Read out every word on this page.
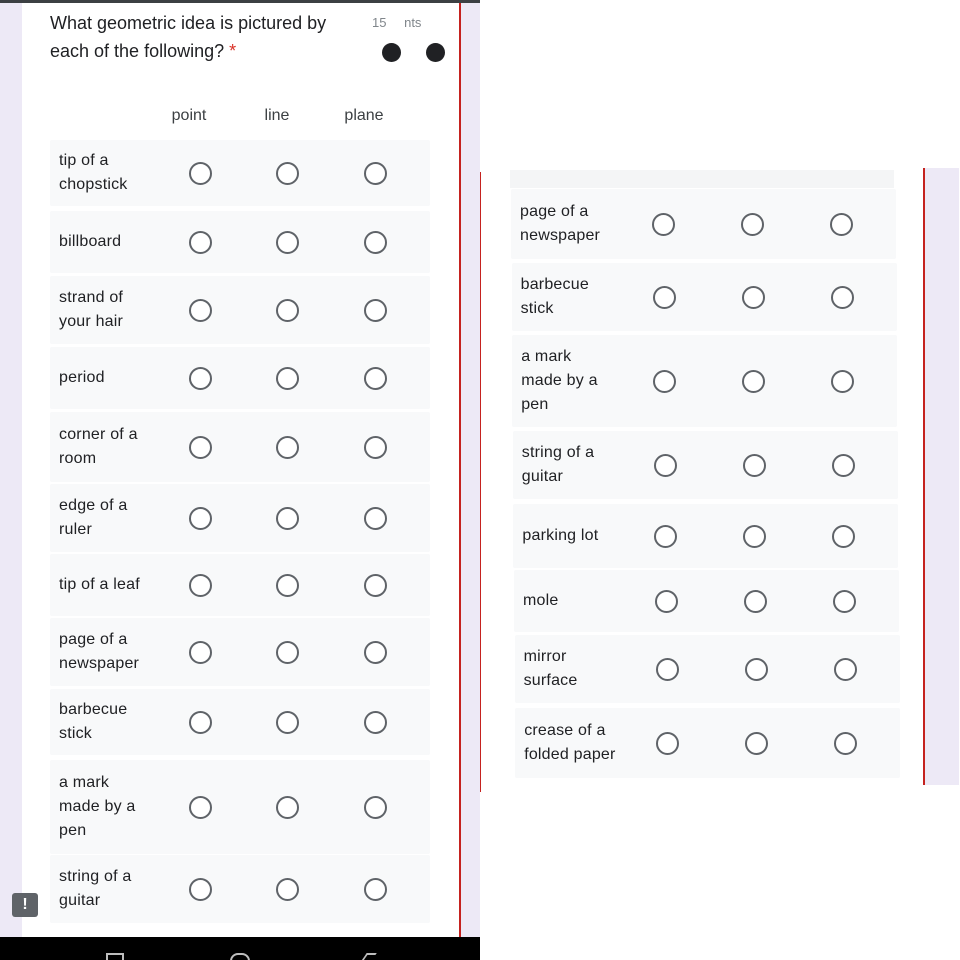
What geometric idea is pictured by each of the following? *
15 nts
point	line	plane
tip of a
chopstick
billboard
strand of
your hair
period
corner of a
room
edge of a
ruler
tip of a leaf
page of a
newspaper
barbecue
stick
a mark
made by a
pen
string of a
guitar
!
page of a
newspaper
barbecue
stick
a mark
made by a
pen
string of a
guitar
parking lot
mole
mirror
surface
crease of a
folded paper
